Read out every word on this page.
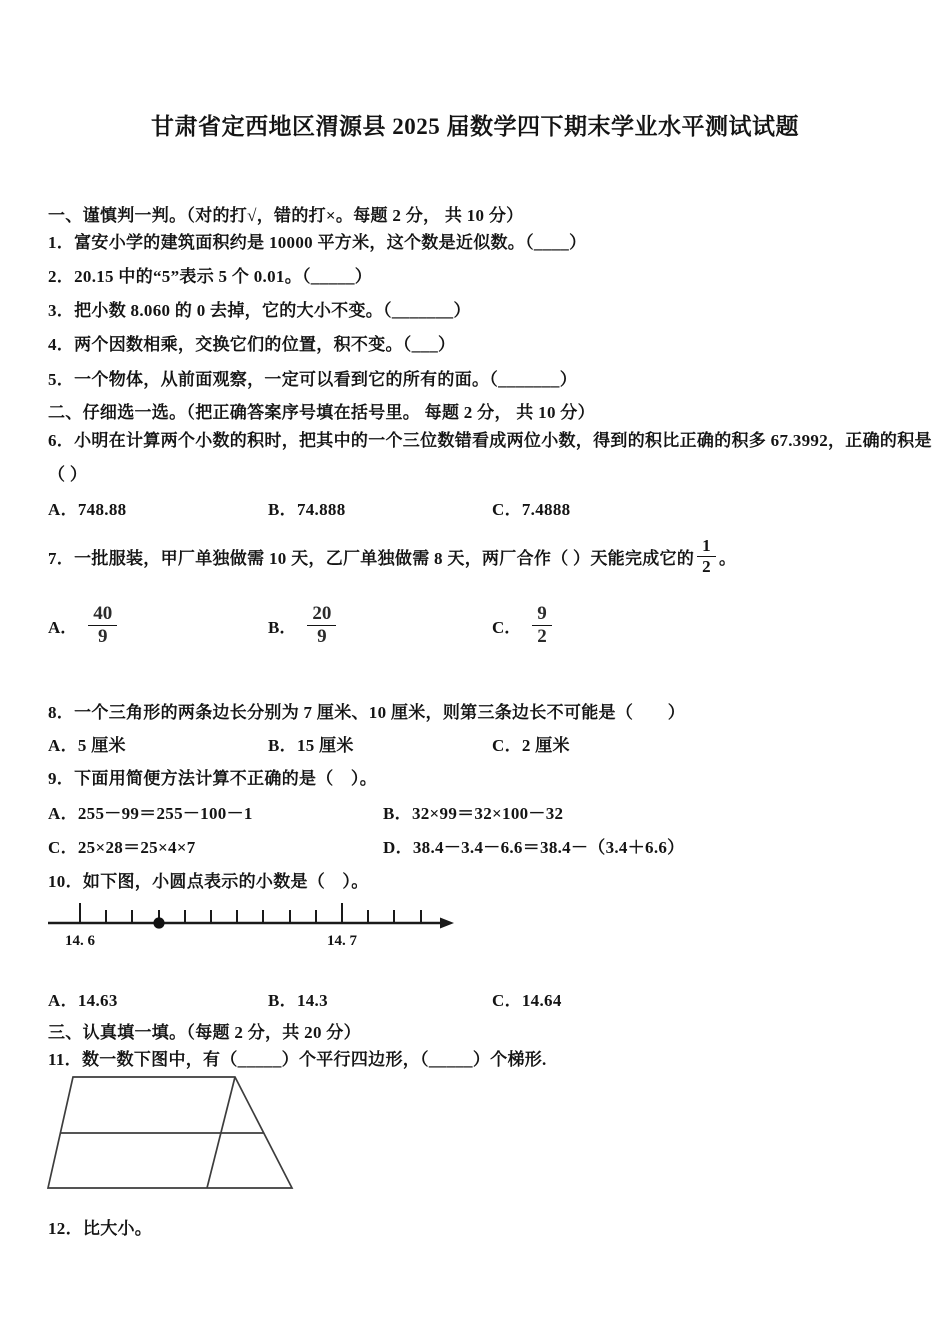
甘肃省定西地区渭源县 2025 届数学四下期末学业水平测试试题
一、谨慎判一判。（对的打√，错的打×。每题 2 分， 共 10 分）
1．富安小学的建筑面积约是 10000 平方米，这个数是近似数。（____）
2．20.15 中的“5”表示 5 个 0.01。（_____）
3．把小数 8.060 的 0 去掉，它的大小不变。（_______）
4．两个因数相乘，交换它们的位置，积不变。（___）
5．一个物体，从前面观察，一定可以看到它的所有的面。（_______）
二、仔细选一选。（把正确答案序号填在括号里。 每题 2 分， 共 10 分）
6．小明在计算两个小数的积时，把其中的一个三位数错看成两位小数，得到的积比正确的积多 67.3992，正确的积是
（ ）
A．748.88	B．74.888	C．7.4888
7．一批服装，甲厂单独做需 10 天，乙厂单独做需 8 天，两厂合作（ ）天能完成它的 $\frac{1}{2}$ 。
A． $\frac{40}{9}$	B． $\frac{20}{9}$	C． $\frac{9}{2}$
8．一个三角形的两条边长分别为 7 厘米、10 厘米，则第三条边长不可能是（　　）
A．5 厘米	B．15 厘米	C．2 厘米
9．下面用简便方法计算不正确的是（　）。
A．255－99＝255－100－1	B．32×99＝32×100－32
C．25×28＝25×4×7	D．38.4－3.4－6.6＝38.4－（3.4＋6.6）
10．如下图，小圆点表示的小数是（　）。
14. 6	14. 7
A．14.63	B．14.3	C．14.64
三、认真填一填。（每题 2 分，共 20 分）
11．数一数下图中，有（_____）个平行四边形，（_____）个梯形.
12．比大小。
